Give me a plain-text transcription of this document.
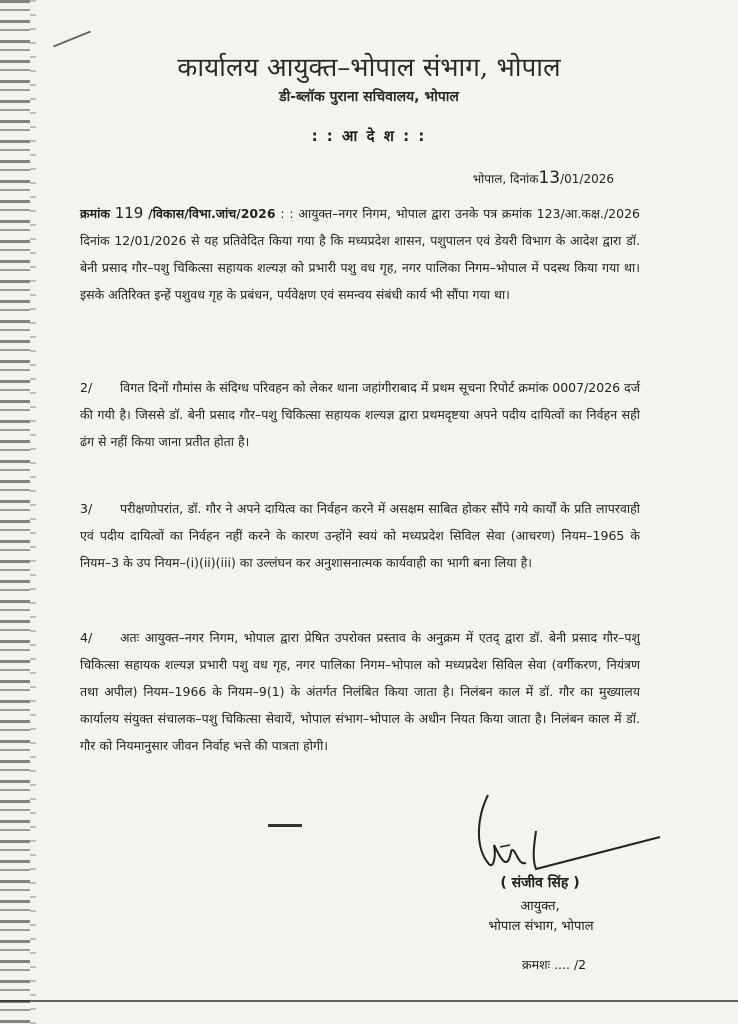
कार्यालय आयुक्त–भोपाल संभाग, भोपाल
डी-ब्लॉक पुराना सचिवालय, भोपाल
: : आ दे श : :
भोपाल, दिनांक13/01/2026
क्रमांक 119 /विकास/विभा.जांच/2026 : : आयुक्त–नगर निगम, भोपाल द्वारा उनके पत्र क्रमांक 123/आ.कक्ष./2026 दिनांक 12/01/2026 से यह प्रतिवेदित किया गया है कि मध्यप्रदेश शासन, पशुपालन एवं डेयरी विभाग के आदेश द्वारा डॉ. बेनी प्रसाद गौर–पशु चिकित्सा सहायक शल्यज्ञ को प्रभारी पशु वध गृह, नगर पालिका निगम–भोपाल में पदस्थ किया गया था। इसके अतिरिक्त इन्हें पशुवध गृह के प्रबंधन, पर्यवेक्षण एवं समन्वय संबंधी कार्य भी सौंपा गया था।
2/ विगत दिनों गौमांस के संदिग्ध परिवहन को लेकर थाना जहांगीराबाद में प्रथम सूचना रिपोर्ट क्रमांक 0007/2026 दर्ज की गयी है। जिससे डॉ. बेनी प्रसाद गौर–पशु चिकित्सा सहायक शल्यज्ञ द्वारा प्रथमदृष्टया अपने पदीय दायित्वों का निर्वहन सही ढंग से नहीं किया जाना प्रतीत होता है।
3/ परीक्षणोपरांत, डॉ. गौर ने अपने दायित्व का निर्वहन करने में असक्षम साबित होकर सौंपे गये कार्यों के प्रति लापरवाही एवं पदीय दायित्वों का निर्वहन नहीं करने के कारण उन्होंने स्वयं को मध्यप्रदेश सिविल सेवा (आचरण) नियम–1965 के नियम–3 के उप नियम–(i)(ii)(iii) का उल्लंघन कर अनुशासनात्मक कार्यवाही का भागी बना लिया है।
4/ अतः आयुक्त–नगर निगम, भोपाल द्वारा प्रेषित उपरोक्त प्रस्ताव के अनुक्रम में एतद् द्वारा डॉ. बेनी प्रसाद गौर–पशु चिकित्सा सहायक शल्यज्ञ प्रभारी पशु वध गृह, नगर पालिका निगम–भोपाल को मध्यप्रदेश सिविल सेवा (वर्गीकरण, नियंत्रण तथा अपील) नियम–1966 के नियम–9(1) के अंतर्गत निलंबित किया जाता है। निलंबन काल में डॉ. गौर का मुख्यालय कार्यालय संयुक्त संचालक–पशु चिकित्सा सेवायें, भोपाल संभाग–भोपाल के अधीन नियत किया जाता है। निलंबन काल में डॉ. गौर को नियमानुसार जीवन निर्वाह भत्ते की पात्रता होगी।
( संजीव सिंह )
आयुक्त,
भोपाल संभाग, भोपाल
क्रमशः .... /2
